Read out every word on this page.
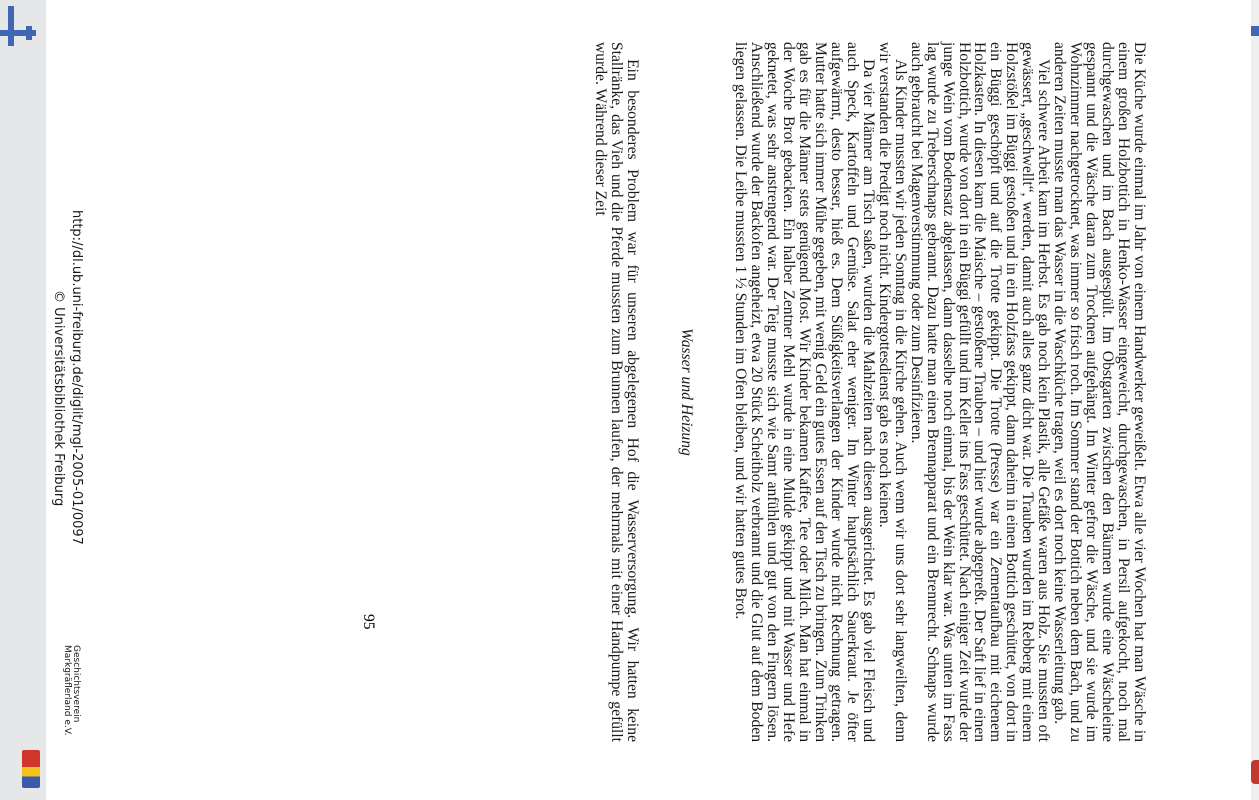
http://dl.ub.uni-freiburg.de/diglit/mgl-2005-01/0097
© Universitätsbibliothek Freiburg
Geschichtsverein
Markgräflerland e.V.	Die Küche wurde einmal im Jahr von einem Handwerker geweißelt. Etwa alle vier Wochen hat man Wäsche in einem großen Holzbottich in Henko-Wasser eingeweicht, durchgewaschen, in Persil aufgekocht, noch mal durchgewaschen und im Bach ausgespült. Im Obstgarten zwischen den Bäumen wurde eine Wäscheleine gespannt und die Wäsche daran zum Trocknen aufgehängt. Im Winter gefror die Wäsche, und sie wurde im Wohnzimmer nachgetrocknet, was immer so frisch roch. Im Sommer stand der Bottich neben dem Bach, und zu anderen Zeiten musste man das Wasser in die Waschküche tragen, weil es dort noch keine Wasserleitung gab.

Viel schwere Arbeit kam im Herbst. Es gab noch kein Plastik, alle Gefäße waren aus Holz. Sie mussten oft gewässert, „geschwellt“, werden, damit auch alles ganz dicht war. Die Trauben wurden im Rebberg mit einem Holzstößel im Büggi gestoßen und in ein Holzfass gekippt, dann daheim in einen Bottich geschüttet, von dort in ein Büggi geschöpft und auf die Trotte gekippt. Die Trotte (Presse) war ein Zementaufbau mit eichenem Holzkasten. In diesen kam die Maische – gestoßene Trauben – und hier wurde abgepreßt. Der Saft lief in einen Holzbottich, wurde von dort in ein Büggi gefüllt und im Keller ins Fass geschüttet. Nach einiger Zeit wurde der junge Wein vom Bodensatz abgelassen, dann dasselbe noch einmal, bis der Wein klar war. Was unten im Fass lag wurde zu Treberschnaps gebrannt. Dazu hatte man einen Brennapparat und ein Brennrecht. Schnaps wurde auch gebraucht bei Magenverstimmung oder zum Desinfizieren.

Als Kinder mussten wir jeden Sonntag in die Kirche gehen. Auch wenn wir uns dort sehr langweilten, denn wir verstanden die Predigt noch nicht. Kindergottesdienst gab es noch keinen.

Da vier Männer am Tisch saßen, wurden die Mahlzeiten nach diesen ausgerichtet. Es gab viel Fleisch und auch Speck, Kartoffeln und Gemüse. Salat eher weniger. Im Winter hauptsächlich Sauerkraut. Je öfter aufgewärmt, desto besser, hieß es. Dem Süßigkeitsverlangen der Kinder wurde nicht Rechnung getragen. Mutter hatte sich immer Mühe gegeben, mit wenig Geld ein gutes Essen auf den Tisch zu bringen. Zum Trinken gab es für die Männer stets genügend Most. Wir Kinder bekamen Kaffee, Tee oder Milch. Man hat einmal in der Woche Brot gebacken. Ein halber Zentner Mehl wurde in eine Mulde gekippt und mit Wasser und Hefe geknetet, was sehr anstrengend war. Der Teig musste sich wie Samt anfühlen und gut von den Fingern lösen. Anschließend wurde der Backofen angeheizt, etwa 20 Stück Scheitholz verbrannt und die Glut auf dem Boden liegen gelassen. Die Leibe mussten 1 ½ Stunden im Ofen bleiben, und wir hatten gutes Brot.

Wasser und Heizung

Ein besonderes Problem war für unseren abgelegenen Hof die Wasserversorgung. Wir hatten keine Stallränke, das Vieh und die Pferde mussten zum Brunnen laufen, der mehrmals mit einer Handpumpe gefüllt wurde. Während dieser Zeit

95
